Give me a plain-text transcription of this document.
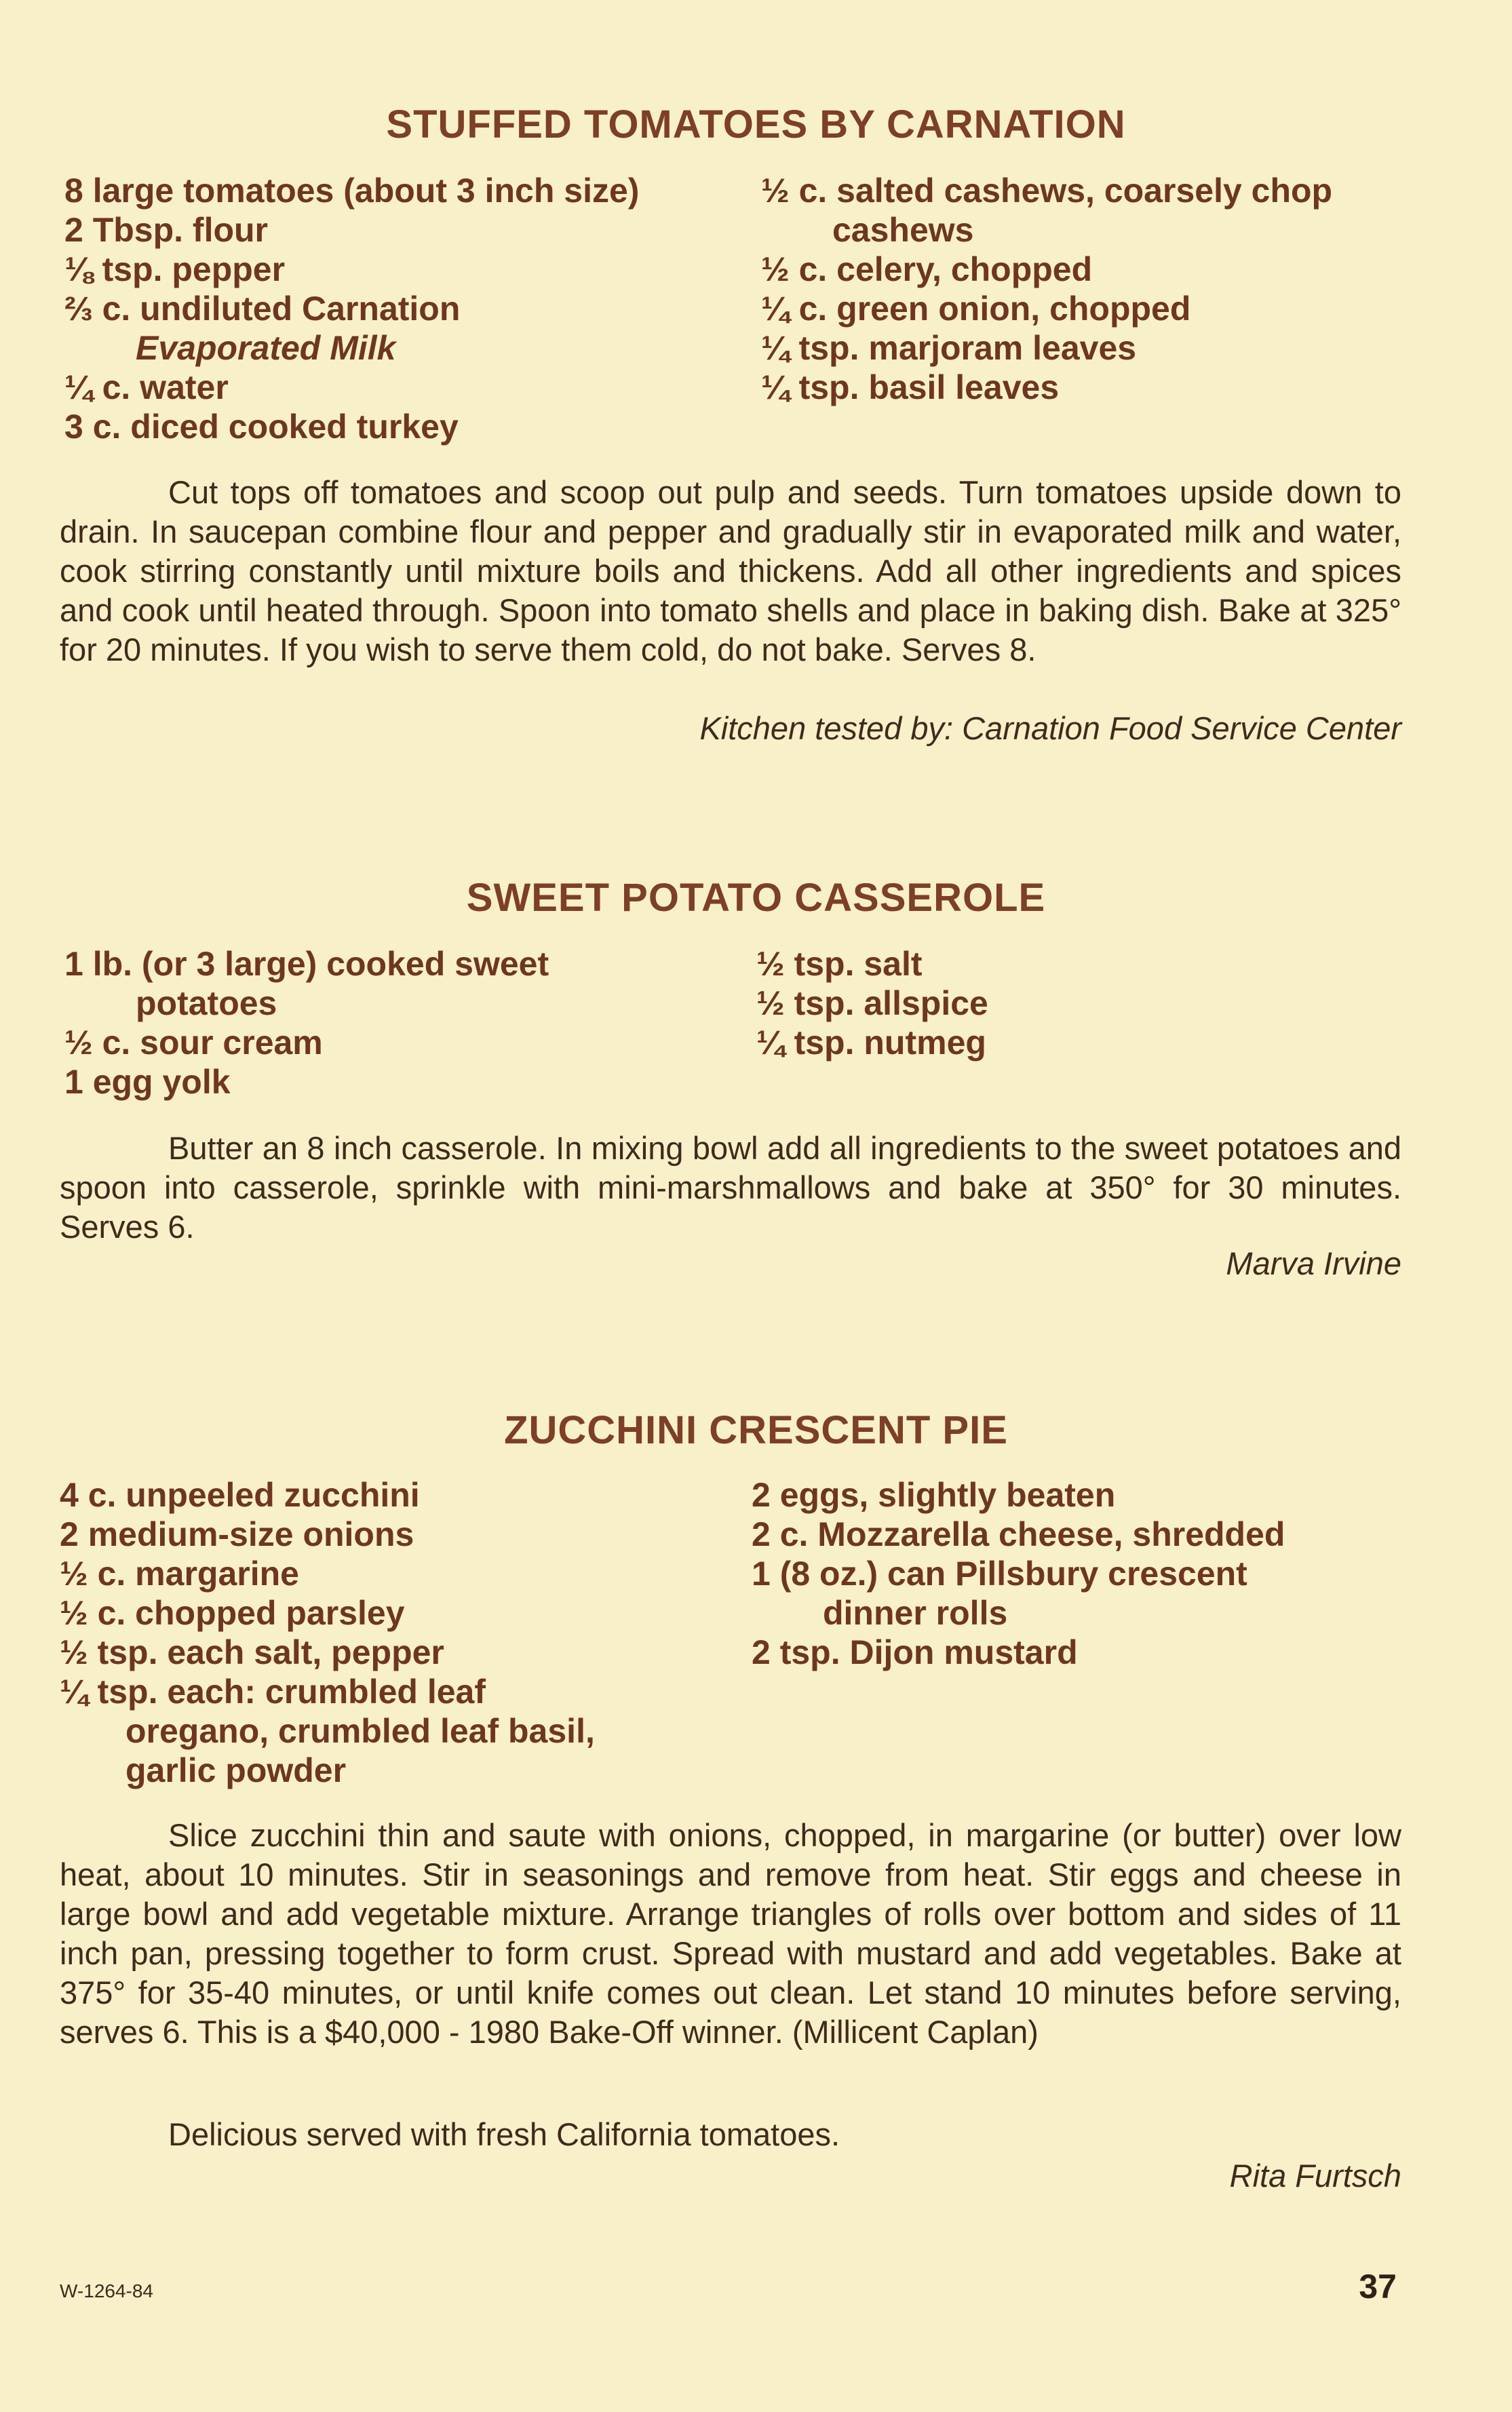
STUFFED TOMATOES BY CARNATION
8 large tomatoes (about 3 inch size)
2 Tbsp. flour
⅛ tsp. pepper
⅔ c. undiluted Carnation
Evaporated Milk
¼ c. water
3 c. diced cooked turkey
½ c. salted cashews, coarsely chop
cashews
½ c. celery, chopped
¼ c. green onion, chopped
¼ tsp. marjoram leaves
¼ tsp. basil leaves

Cut tops off tomatoes and scoop out pulp and seeds. Turn tomatoes upside down to drain. In saucepan combine flour and pepper and gradually stir in evaporated milk and water, cook stirring constantly until mixture boils and thickens. Add all other ingredients and spices and cook until heated through. Spoon into tomato shells and place in baking dish. Bake at 325° for 20 minutes. If you wish to serve them cold, do not bake. Serves 8.

Kitchen tested by: Carnation Food Service Center
SWEET POTATO CASSEROLE
1 lb. (or 3 large) cooked sweet
potatoes
½ c. sour cream
1 egg yolk
½ tsp. salt
½ tsp. allspice
¼ tsp. nutmeg

Butter an 8 inch casserole. In mixing bowl add all ingredients to the sweet potatoes and spoon into casserole, sprinkle with mini-marshmallows and bake at 350° for 30 minutes. Serves 6.

Marva Irvine
ZUCCHINI CRESCENT PIE
4 c. unpeeled zucchini
2 medium-size onions
½ c. margarine
½ c. chopped parsley
½ tsp. each salt, pepper
¼ tsp. each: crumbled leaf
oregano, crumbled leaf basil,
garlic powder
2 eggs, slightly beaten
2 c. Mozzarella cheese, shredded
1 (8 oz.) can Pillsbury crescent
dinner rolls
2 tsp. Dijon mustard

Slice zucchini thin and saute with onions, chopped, in margarine (or butter) over low heat, about 10 minutes. Stir in seasonings and remove from heat. Stir eggs and cheese in large bowl and add vegetable mixture. Arrange triangles of rolls over bottom and sides of 11 inch pan, pressing together to form crust. Spread with mustard and add vegetables. Bake at 375° for 35-40 minutes, or until knife comes out clean. Let stand 10 minutes before serving, serves 6. This is a $40,000 - 1980 Bake-Off winner. (Millicent Caplan)

Delicious served with fresh California tomatoes.

Rita Furtsch
W-1264-84	37
